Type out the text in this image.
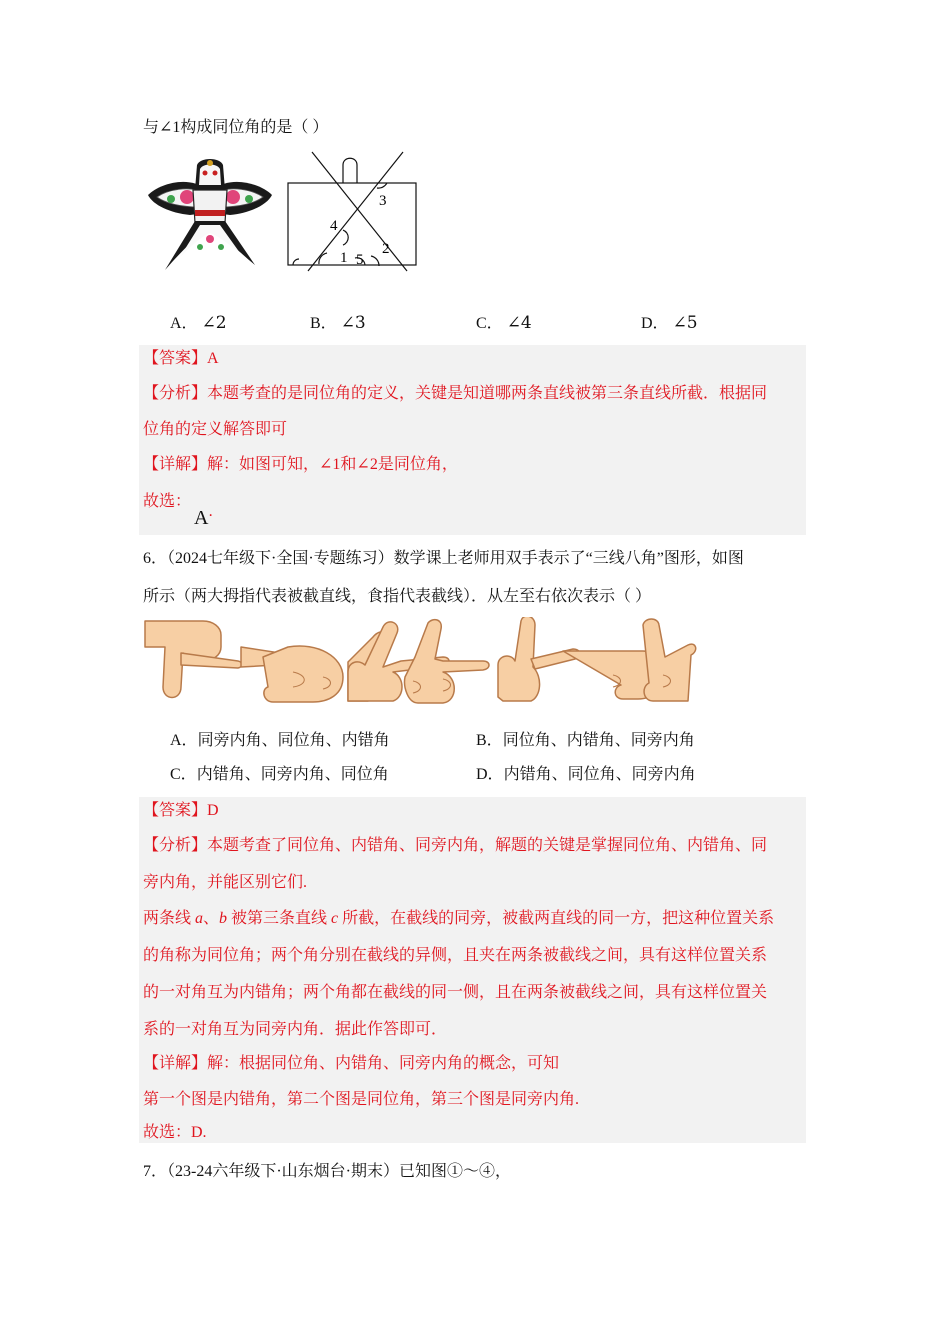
与∠1构成同位角的是（ ）
3
4
2
1 5
A． ∠2	B． ∠3	C． ∠4	D． ∠5
【答案】A
【分析】本题考查的是同位角的定义，关键是知道哪两条直线被第三条直线所截．根据同
位角的定义解答即可
【详解】解：如图可知，∠1和∠2是同位角，
故选：
A．
6．（2024七年级下·全国·专题练习）数学课上老师用双手表示了“三线八角”图形，如图
所示（两大拇指代表被截直线，食指代表截线）．从左至右依次表示（ ）
A．同旁内角、同位角、内错角	B．同位角、内错角、同旁内角
C．内错角、同旁内角、同位角	D．内错角、同位角、同旁内角
【答案】D
【分析】本题考查了同位角、内错角、同旁内角，解题的关键是掌握同位角、内错角、同
旁内角，并能区别它们.
两条线 a、b 被第三条直线 c 所截，在截线的同旁，被截两直线的同一方，把这种位置关系
的角称为同位角；两个角分别在截线的异侧，且夹在两条被截线之间，具有这样位置关系
的一对角互为内错角；两个角都在截线的同一侧，且在两条被截线之间，具有这样位置关
系的一对角互为同旁内角．据此作答即可．
【详解】解：根据同位角、内错角、同旁内角的概念，可知
第一个图是内错角，第二个图是同位角，第三个图是同旁内角.
故选：D.
7．（23-24六年级下·山东烟台·期末）已知图①～④，
